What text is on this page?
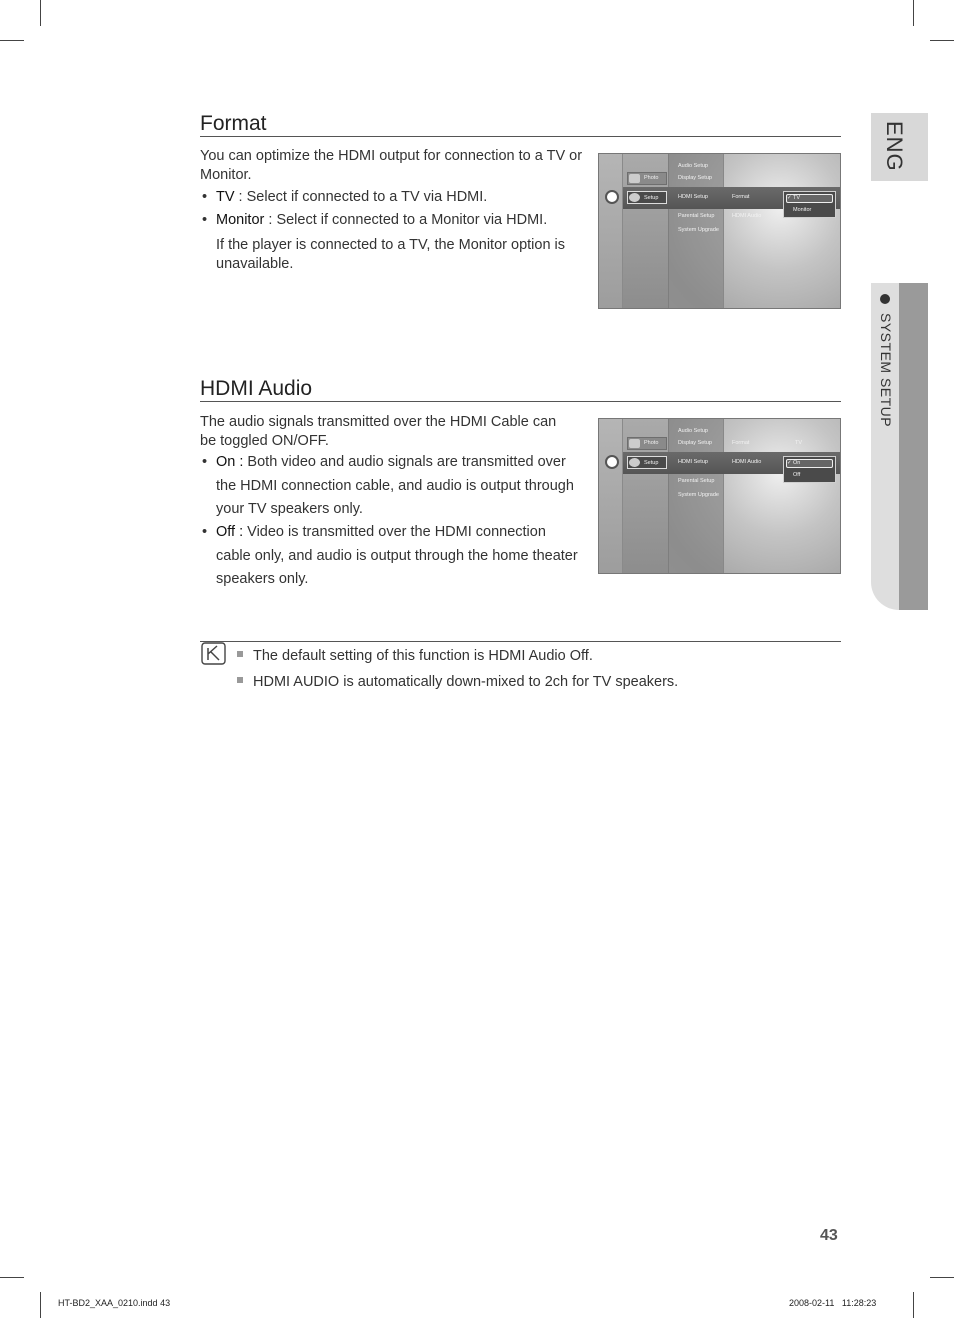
ENG
SYSTEM SETUP
Format

You can optimize the HDMI output for connection to a TV or Monitor.

• TV : Select if connected to a TV via HDMI.
• Monitor : Select if connected to a Monitor via HDMI.

If the player is connected to a TV, the Monitor option is unavailable.

Photo
Setup
Audio Setup
Display Setup
HDMI Setup
Parental Setup
System Upgrade
Format
HDMI Audio
✓ TV
Monitor
HDMI Audio

The audio signals transmitted over the HDMI Cable can be toggled ON/OFF.

• On : Both video and audio signals are transmitted over the HDMI connection cable, and audio is output through your TV speakers only.
• Off : Video is transmitted over the HDMI connection cable only, and audio is output through the home theater speakers only.
Photo
Setup
Audio Setup
Display Setup
HDMI Setup
Parental Setup
System Upgrade
Format
HDMI Audio
TV
✓ On
Off
The default setting of this function is HDMI Audio Off.
HDMI AUDIO is automatically down-mixed to 2ch for TV speakers.
43
HT-BD2_XAA_0210.indd 43	2008-02-11   11:28:23
